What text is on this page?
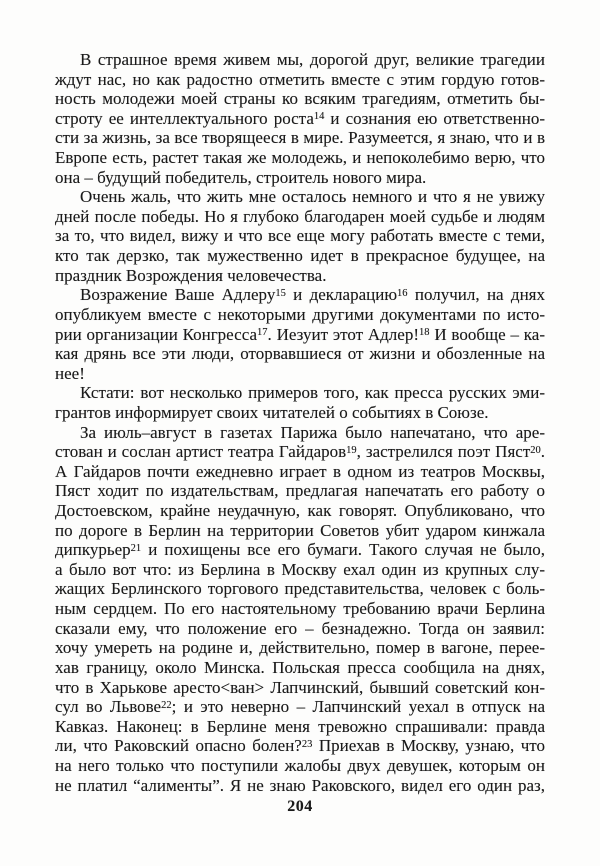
В страшное время живем мы, дорогой друг, великие трагедии
ждут нас, но как радостно отметить вместе с этим гордую готов-
ность молодежи моей страны ко всяким трагедиям, отметить бы-
строту ее интеллектуального роста$^{14}$ и сознания ею ответственно-
сти за жизнь, за все творящееся в мире. Разумеется, я знаю, что и в
Европе есть, растет такая же молодежь, и непоколебимо верю, что
она – будущий победитель, строитель нового мира.
Очень жаль, что жить мне осталось немного и что я не увижу
дней после победы. Но я глубоко благодарен моей судьбе и людям
за то, что видел, вижу и что все еще могу работать вместе с теми,
кто так дерзко, так мужественно идет в прекрасное будущее, на
праздник Возрождения человечества.
Возражение Ваше Адлеру$^{15}$ и декларацию$^{16}$ получил, на днях
опубликуем вместе с некоторыми другими документами по исто-
рии организации Конгресса$^{17}$. Иезуит этот Адлер!$^{18}$ И вообще – ка-
кая дрянь все эти люди, оторвавшиеся от жизни и обозленные на
нее!
Кстати: вот несколько примеров того, как пресса русских эми-
грантов информирует своих читателей о событиях в Союзе.
За июль–август в газетах Парижа было напечатано, что аре-
стован и сослан артист театра Гайдаров$^{19}$, застрелился поэт Пяст$^{20}$.
А Гайдаров почти ежедневно играет в одном из театров Москвы,
Пяст ходит по издательствам, предлагая напечатать его работу о
Достоевском, крайне неудачную, как говорят. Опубликовано, что
по дороге в Берлин на территории Советов убит ударом кинжала
дипкурьер$^{21}$ и похищены все его бумаги. Такого случая не было,
а было вот что: из Берлина в Москву ехал один из крупных слу-
жащих Берлинского торгового представительства, человек с боль-
ным сердцем. По его настоятельному требованию врачи Берлина
сказали ему, что положение его – безнадежно. Тогда он заявил:
хочу умереть на родине и, действительно, помер в вагоне, перее-
хав границу, около Минска. Польская пресса сообщила на днях,
что в Харькове аресто<ван> Лапчинский, бывший советский кон-
сул во Львове$^{22}$; и это неверно – Лапчинский уехал в отпуск на
Кавказ. Наконец: в Берлине меня тревожно спрашивали: правда
ли, что Раковский опасно болен?$^{23}$ Приехав в Москву, узнаю, что
на него только что поступили жалобы двух девушек, которым он
не платил “алименты”. Я не знаю Раковского, видел его один раз,
204
